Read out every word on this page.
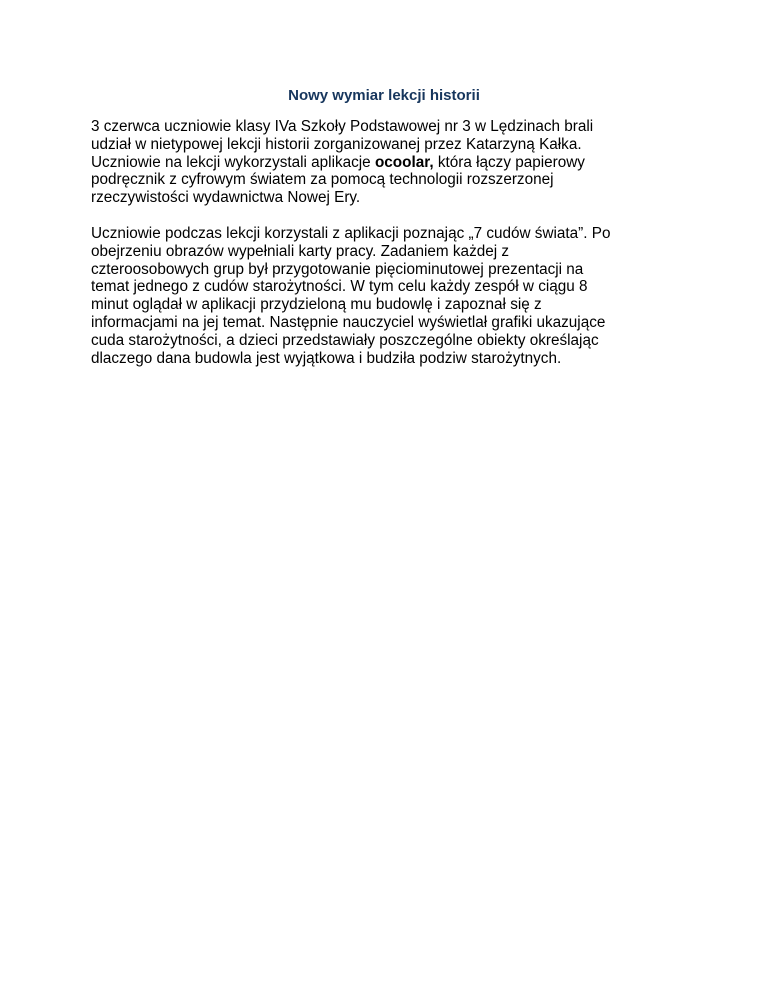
Nowy wymiar lekcji historii

3 czerwca uczniowie klasy IVa Szkoły Podstawowej nr 3 w Lędzinach brali
udział w nietypowej lekcji historii zorganizowanej przez Katarzyną Kałka.
Uczniowie na lekcji wykorzystali aplikacje ocoolar, która łączy papierowy
podręcznik z cyfrowym światem za pomocą technologii rozszerzonej
rzeczywistości wydawnictwa Nowej Ery.

Uczniowie podczas lekcji korzystali z aplikacji poznając „7 cudów świata”. Po
obejrzeniu obrazów wypełniali karty pracy. Zadaniem każdej z
czteroosobowych grup był przygotowanie pięciominutowej prezentacji na
temat jednego z cudów starożytności. W tym celu każdy zespół w ciągu 8
minut oglądał w aplikacji przydzieloną mu budowlę i zapoznał się z
informacjami na jej temat. Następnie nauczyciel wyświetlał grafiki ukazujące
cuda starożytności, a dzieci przedstawiały poszczególne obiekty określając
dlaczego dana budowla jest wyjątkowa i budziła podziw starożytnych.
